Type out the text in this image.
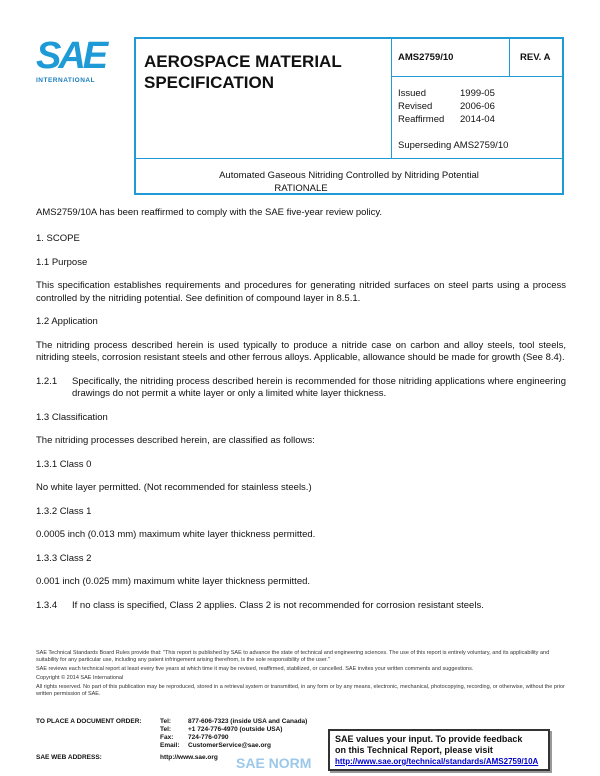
SAE
INTERNATIONAL
AEROSPACE MATERIAL
SPECIFICATION
AMS2759/10	REV. A
Issued	1999-05
Revised	2006-06
Reaffirmed	2014-04
Superseding AMS2759/10
Automated Gaseous Nitriding Controlled by Nitriding Potential
RATIONALE
AMS2759/10A has been reaffirmed to comply with the SAE five-year review policy.
1. SCOPE
1.1 Purpose
This specification establishes requirements and procedures for generating nitrided surfaces on steel parts using a process controlled by the nitriding potential. See definition of compound layer in 8.5.1.
1.2 Application
The nitriding process described herein is used typically to produce a nitride case on carbon and alloy steels, tool steels, nitriding steels, corrosion resistant steels and other ferrous alloys. Applicable, allowance should be made for growth (See 8.4).
1.2.1	Specifically, the nitriding process described herein is recommended for those nitriding applications where engineering drawings do not permit a white layer or only a limited white layer thickness.
1.3 Classification
The nitriding processes described herein, are classified as follows:
1.3.1 Class 0
No white layer permitted. (Not recommended for stainless steels.)
1.3.2 Class 1
0.0005 inch (0.013 mm) maximum white layer thickness permitted.
1.3.3 Class 2
0.001 inch (0.025 mm) maximum white layer thickness permitted.
1.3.4	If no class is specified, Class 2 applies. Class 2 is not recommended for corrosion resistant steels.
SAE Technical Standards Board Rules provide that: "This report is published by SAE to advance the state of technical and engineering sciences. The use of this report is entirely voluntary, and its applicability and suitability for any particular use, including any patent infringement arising therefrom, is the sole responsibility of the user."
SAE reviews each technical report at least every five years at which time it may be revised, reaffirmed, stabilized, or cancelled. SAE invites your written comments and suggestions.
Copyright © 2014 SAE International
All rights reserved. No part of this publication may be reproduced, stored in a retrieval system or transmitted, in any form or by any means, electronic, mechanical, photocopying, recording, or otherwise, without the prior written permission of SAE.
TO PLACE A DOCUMENT ORDER:	Tel:	877-606-7323 (inside USA and Canada)
Tel:	+1 724-776-4970 (outside USA)
Fax:	724-776-0790
Email:	CustomerService@sae.org
SAE WEB ADDRESS:	http://www.sae.org
SAE values your input. To provide feedback
on this Technical Report, please visit
http://www.sae.org/technical/standards/AMS2759/10A
SAE NORM
